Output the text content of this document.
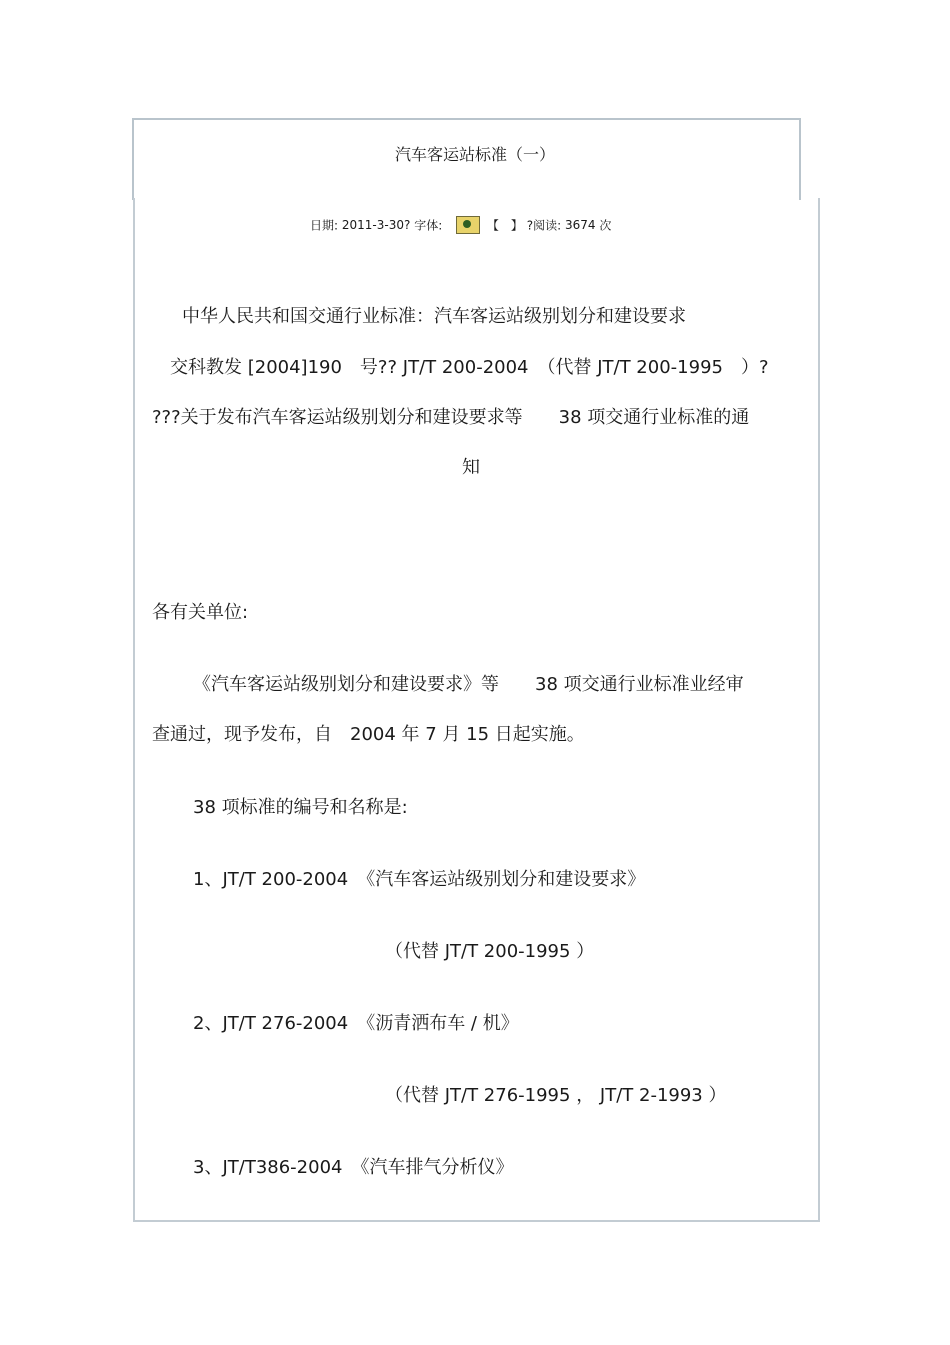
汽车客运站标准（一）
日期: 2011-3-30? 字体:	【　】 ?阅读: 3674 次
中华人民共和国交通行业标准：汽车客运站级别划分和建设要求
交科教发 [2004]190　号?? JT/T 200-2004　（代替 JT/T 200-1995　）?
???关于发布汽车客运站级别划分和建设要求等　　38 项交通行业标准的通
知
各有关单位:
《汽车客运站级别划分和建设要求》等　　38 项交通行业标准业经审
查通过，现予发布，自　2004 年 7 月 15 日起实施。
38 项标准的编号和名称是:
1、JT/T 200-2004　《汽车客运站级别划分和建设要求》
（代替 JT/T 200-1995 ）
2、JT/T 276-2004　《沥青洒布车 / 机》
（代替 JT/T 276-1995 ， JT/T 2-1993 ）
3、JT/T386-2004　《汽车排气分析仪》
